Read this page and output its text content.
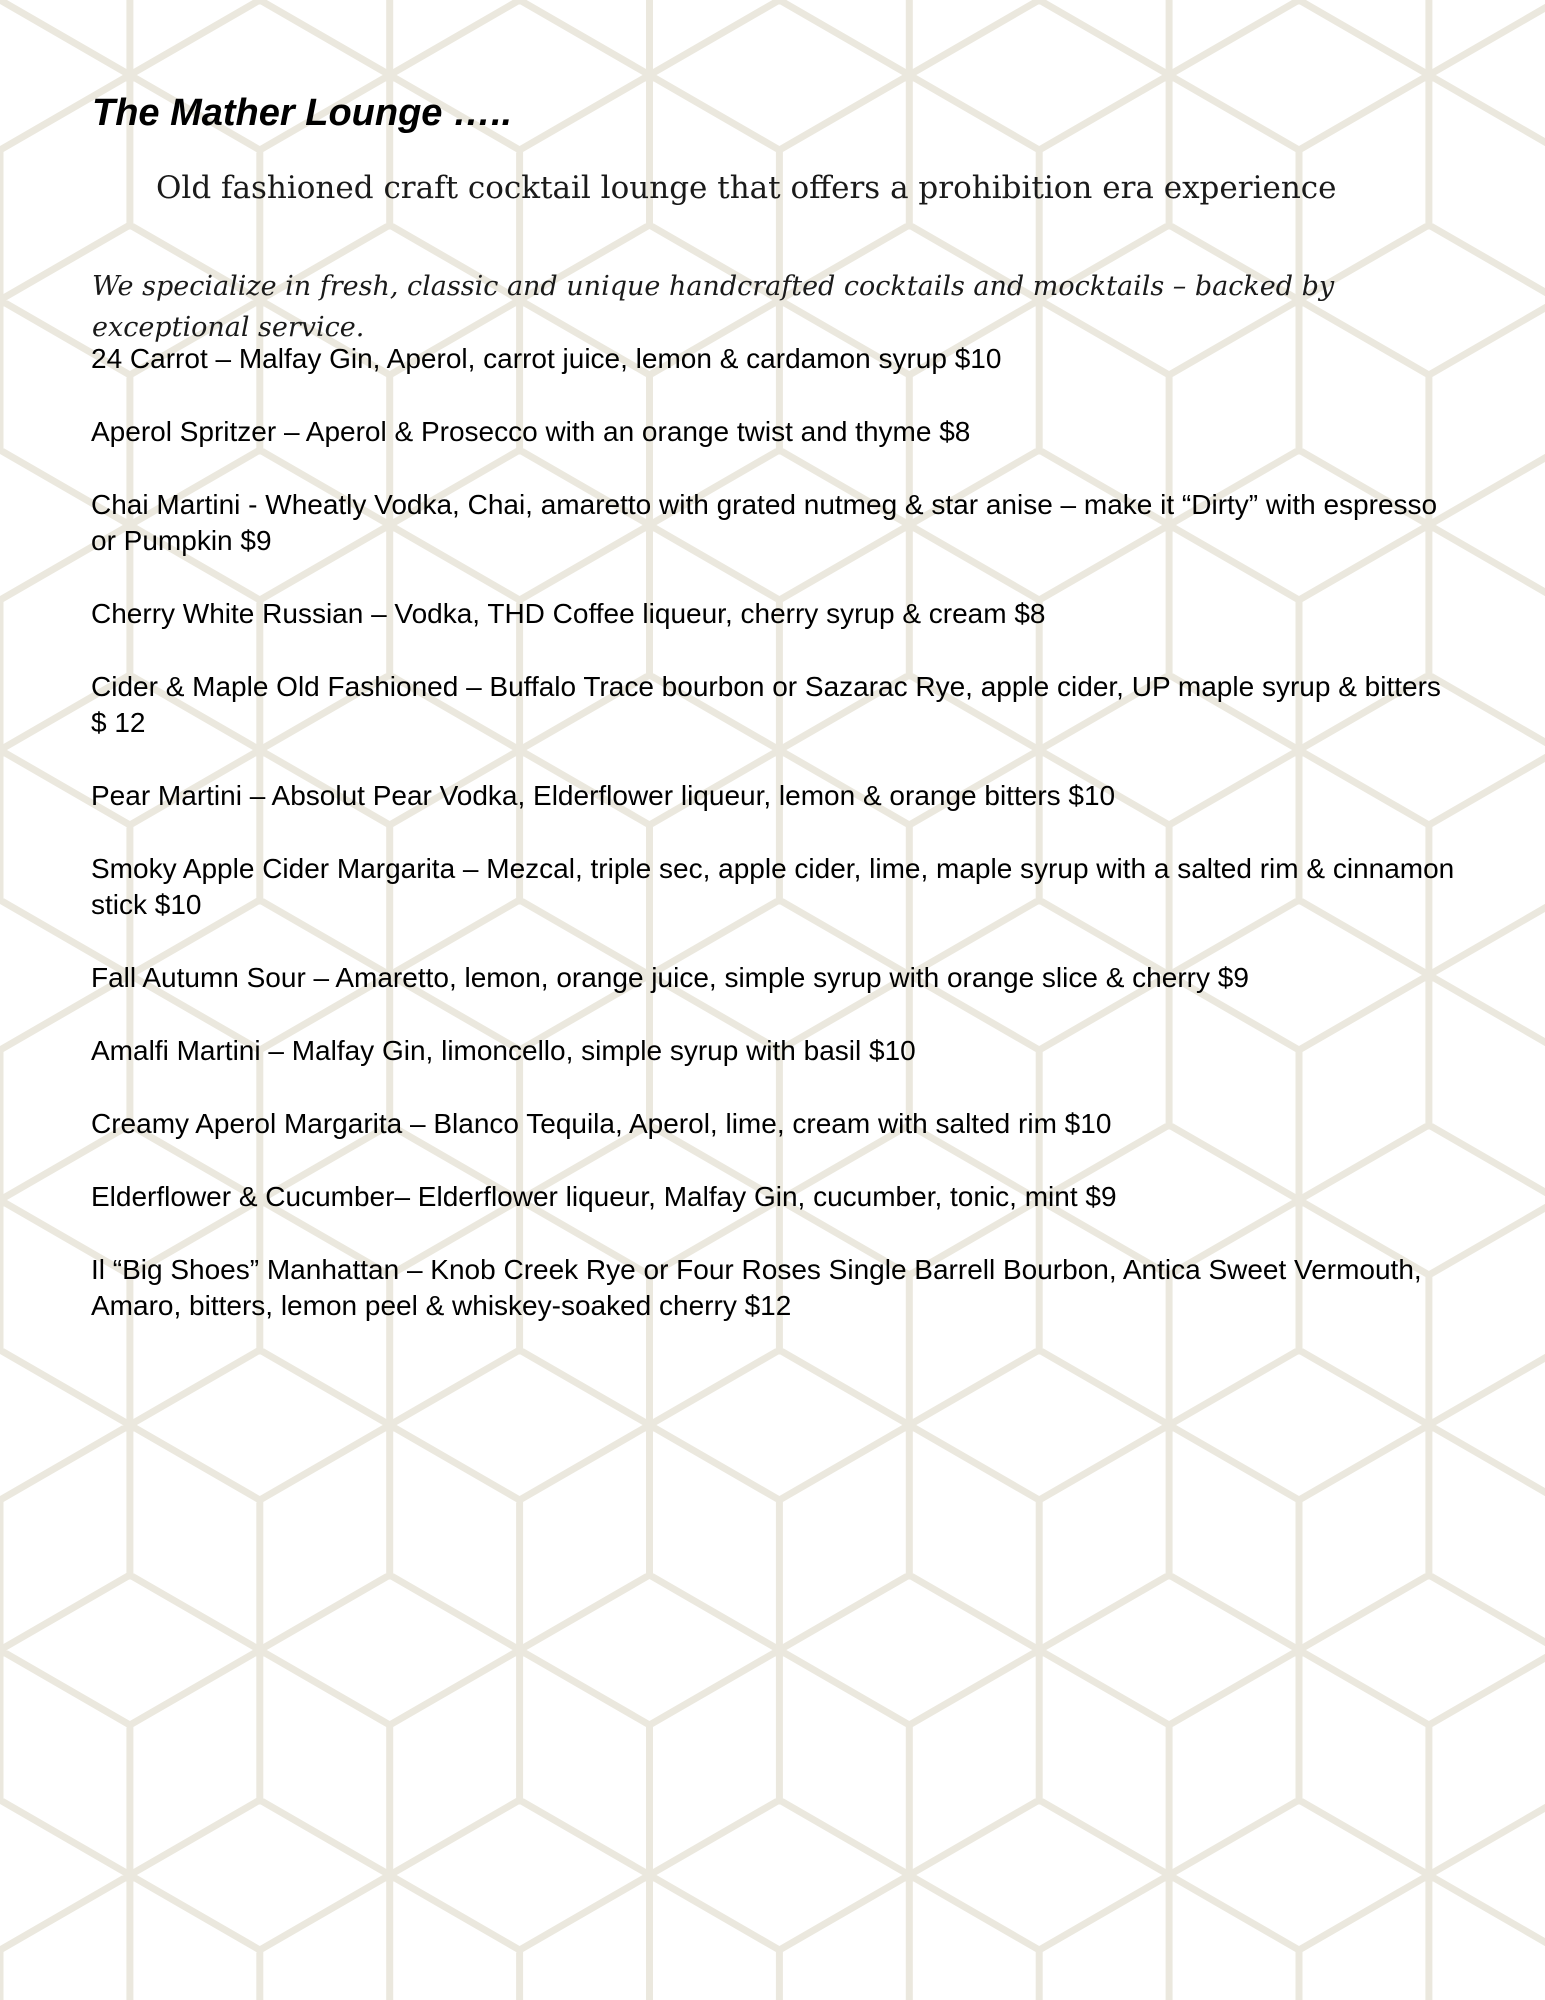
The Mather Lounge …..

Old fashioned craft cocktail lounge that offers a prohibition era experience

We specialize in fresh, classic and unique handcrafted cocktails and mocktails – backed by exceptional service.

24 Carrot – Malfay Gin, Aperol, carrot juice, lemon & cardamon syrup $10
Aperol Spritzer – Aperol & Prosecco with an orange twist and thyme $8
Chai Martini - Wheatly Vodka, Chai, amaretto with grated nutmeg & star anise – make it “Dirty” with espresso or Pumpkin $9
Cherry White Russian – Vodka, THD Coffee liqueur, cherry syrup & cream $8
Cider & Maple Old Fashioned – Buffalo Trace bourbon or Sazarac Rye, apple cider, UP maple syrup & bitters $ 12
Pear Martini – Absolut Pear Vodka, Elderflower liqueur, lemon & orange bitters $10
Smoky Apple Cider Margarita – Mezcal, triple sec, apple cider, lime, maple syrup with a salted rim & cinnamon stick $10
Fall Autumn Sour – Amaretto, lemon, orange juice, simple syrup with orange slice & cherry $9
Amalfi Martini – Malfay Gin, limoncello, simple syrup with basil $10
Creamy Aperol Margarita – Blanco Tequila, Aperol, lime, cream with salted rim $10
Elderflower & Cucumber– Elderflower liqueur, Malfay Gin, cucumber, tonic, mint $9
Il “Big Shoes” Manhattan – Knob Creek Rye or Four Roses Single Barrell Bourbon, Antica Sweet Vermouth, Amaro, bitters, lemon peel & whiskey-soaked cherry $12
